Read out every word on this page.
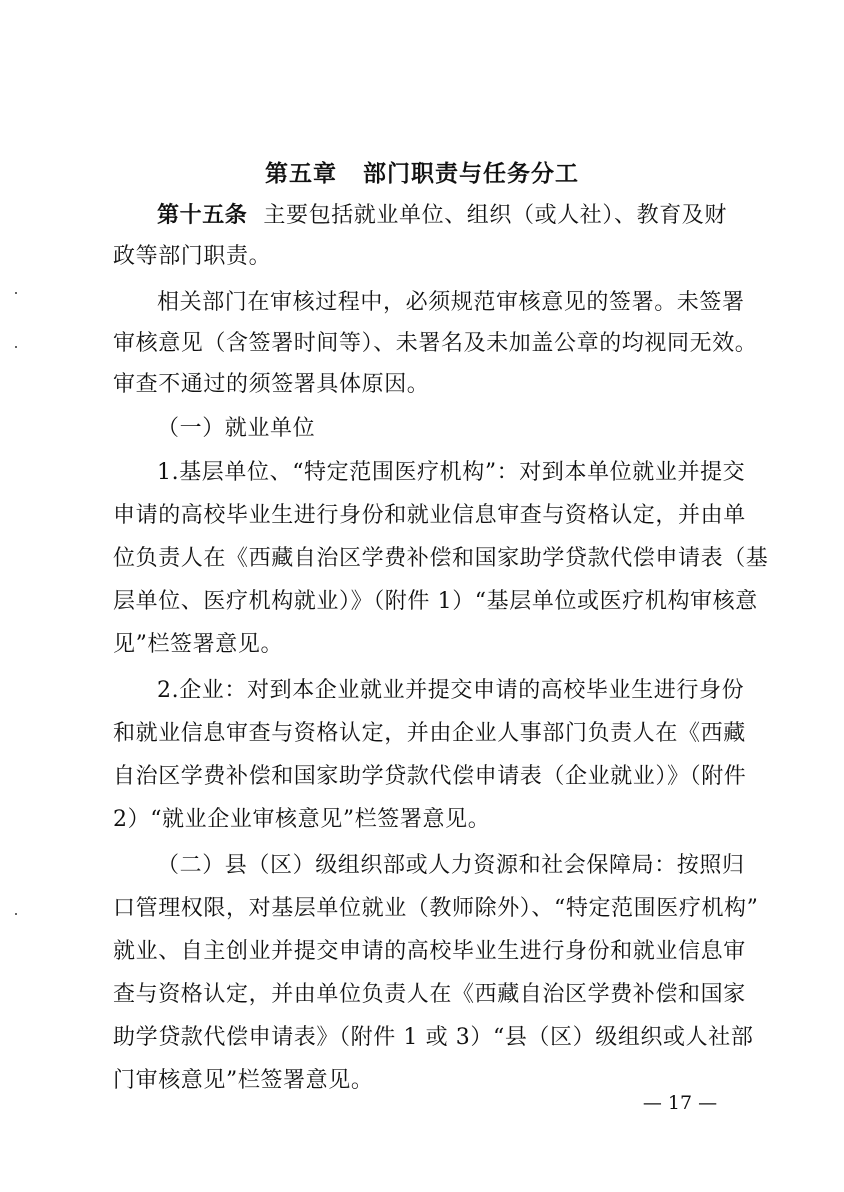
第五章 部门职责与任务分工
第十五条 主要包括就业单位、组织（或人社）、教育及财
政等部门职责。
相关部门在审核过程中，必须规范审核意见的签署。未签署
审核意见（含签署时间等）、未署名及未加盖公章的均视同无效。
审查不通过的须签署具体原因。
（一）就业单位
1.基层单位、“特定范围医疗机构”：对到本单位就业并提交
申请的高校毕业生进行身份和就业信息审查与资格认定，并由单
位负责人在《西藏自治区学费补偿和国家助学贷款代偿申请表（基
层单位、医疗机构就业）》（附件 1）“基层单位或医疗机构审核意
见”栏签署意见。
2.企业：对到本企业就业并提交申请的高校毕业生进行身份
和就业信息审查与资格认定，并由企业人事部门负责人在《西藏
自治区学费补偿和国家助学贷款代偿申请表（企业就业）》（附件
2）“就业企业审核意见”栏签署意见。
（二）县（区）级组织部或人力资源和社会保障局：按照归
口管理权限，对基层单位就业（教师除外）、“特定范围医疗机构”
就业、自主创业并提交申请的高校毕业生进行身份和就业信息审
查与资格认定，并由单位负责人在《西藏自治区学费补偿和国家
助学贷款代偿申请表》（附件 1 或 3）“县（区）级组织或人社部
门审核意见”栏签署意见。
— 17 —
